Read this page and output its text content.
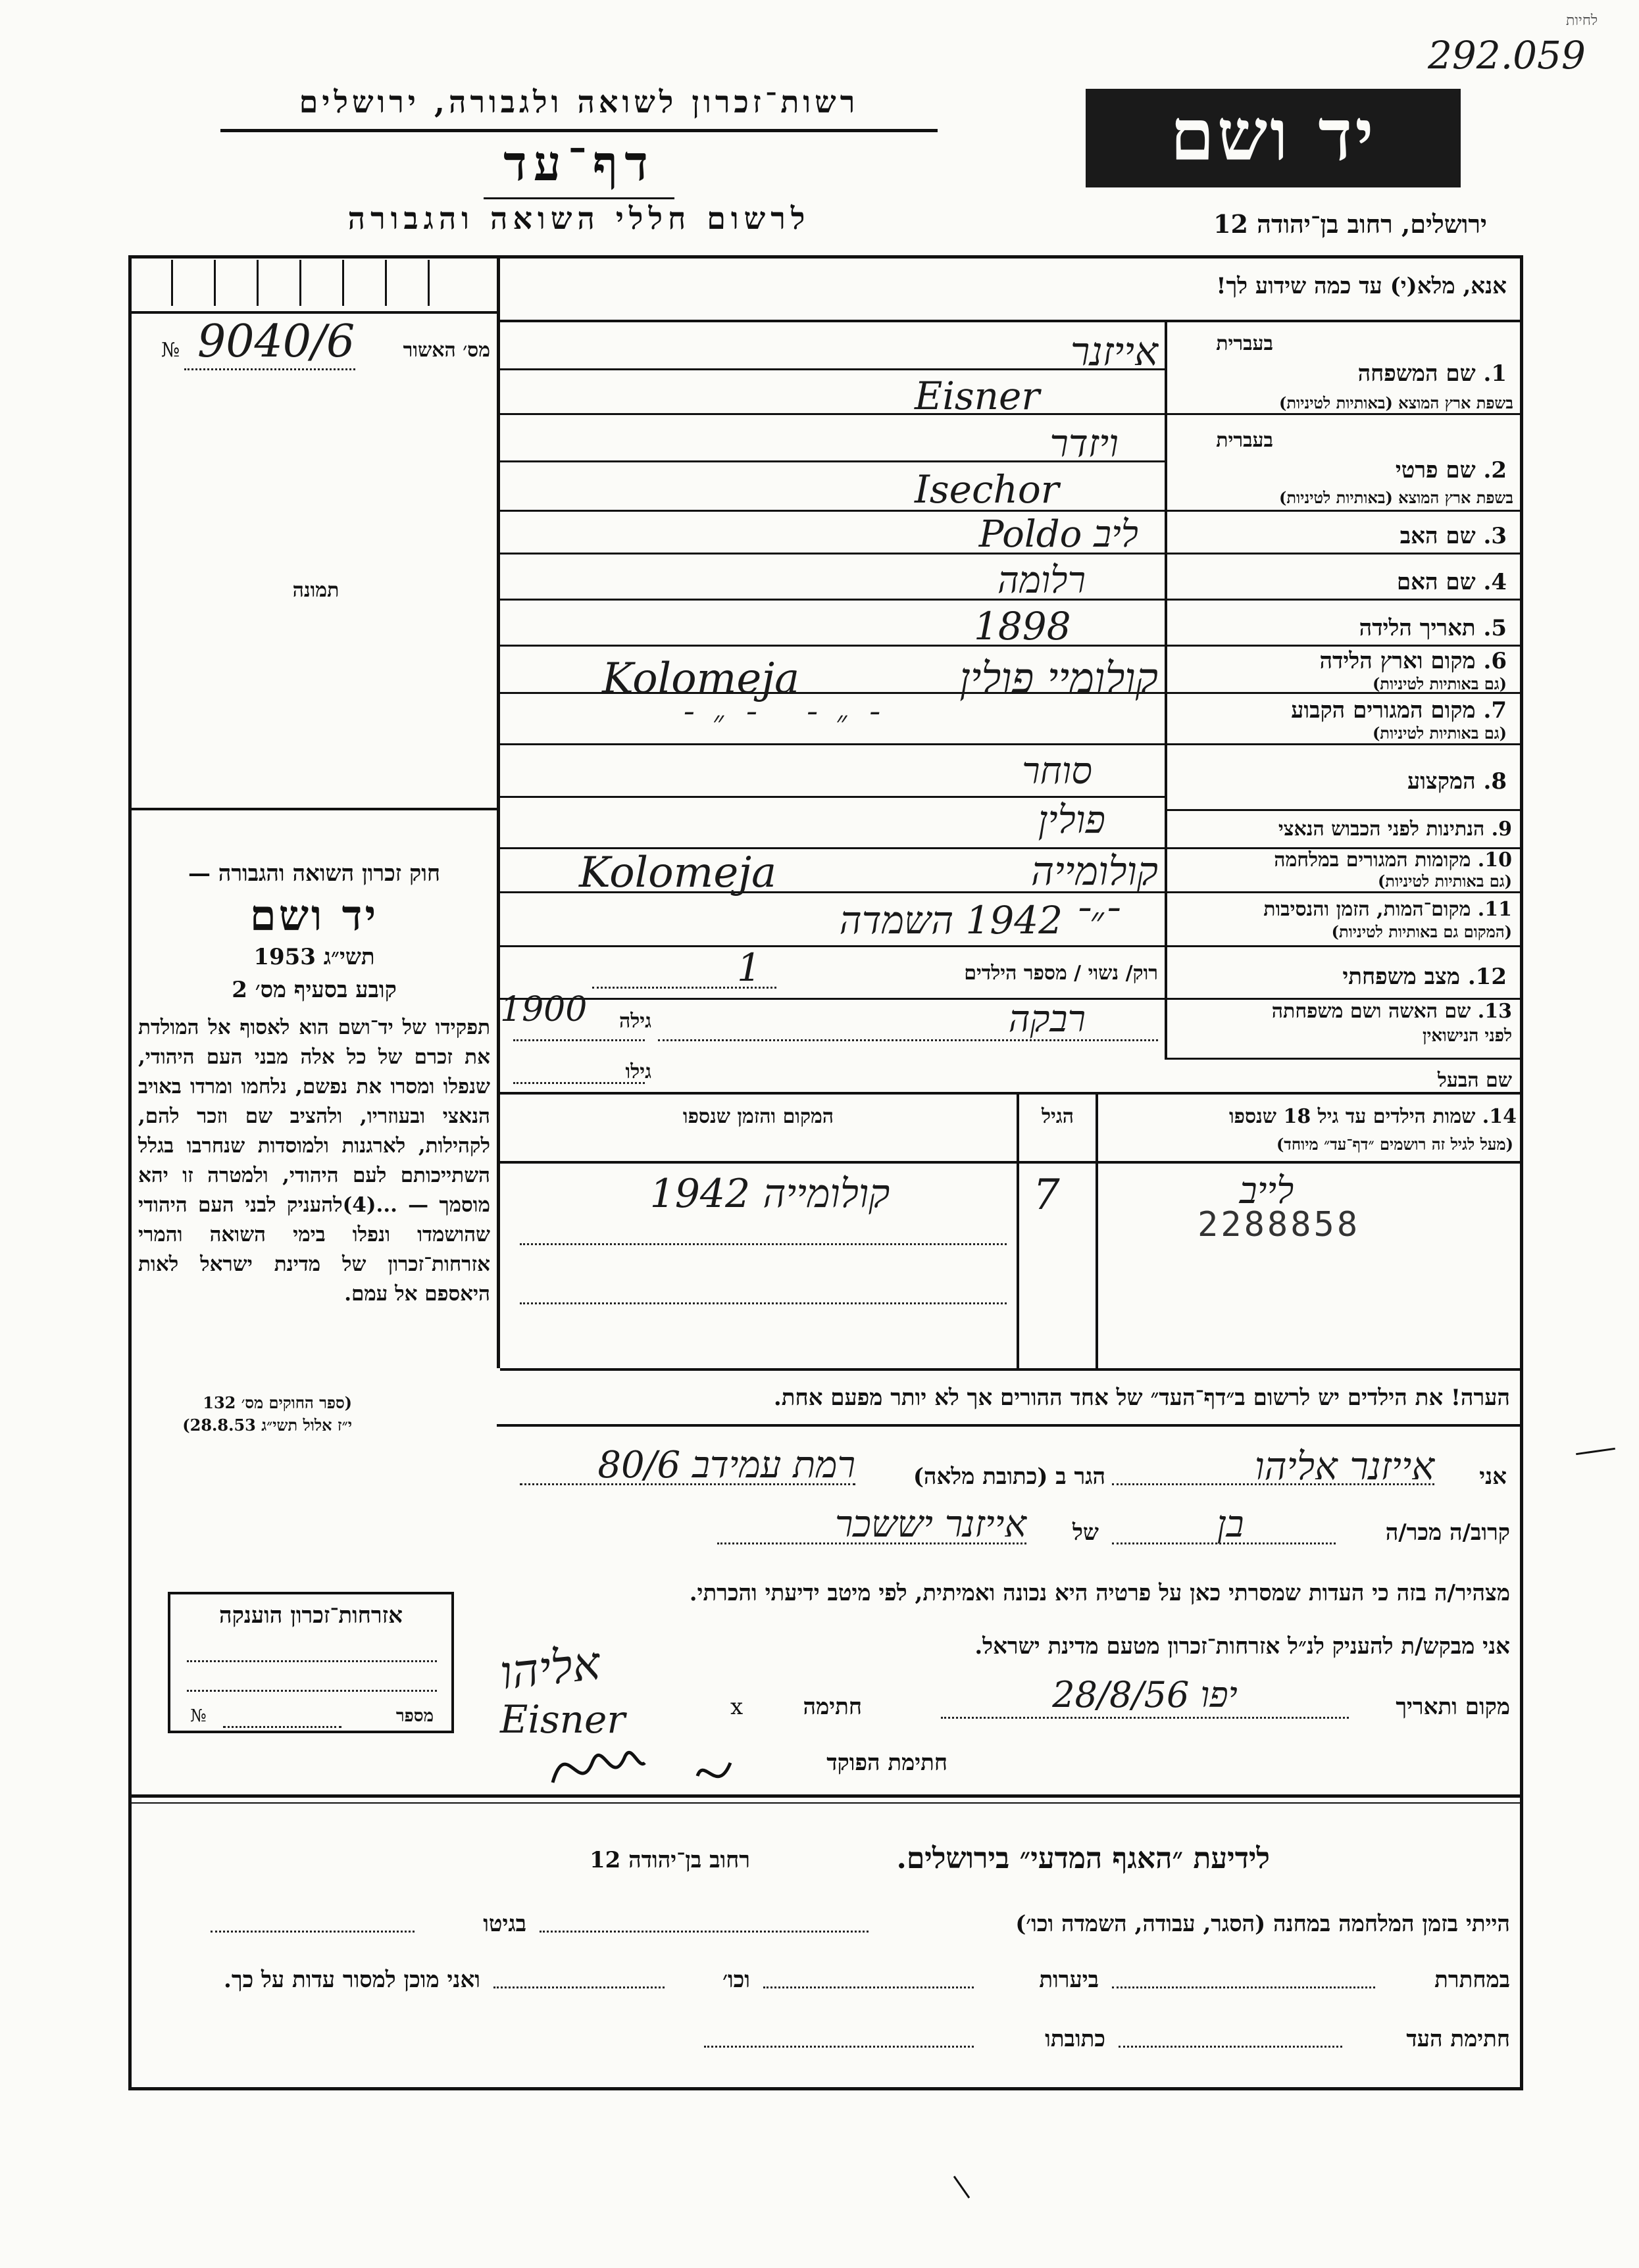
292.059
לחיות
רשות־זכרון לשואה ולגבורה, ירושלים
דף־עד
לרשום חללי השואה והגבורה
יד ושם
ירושלים, רחוב בן־יהודה 12
אנא, מלא(י) עד כמה שידוע לך!
מס׳ האשור
9040/6
№
תמונה
חוק זכרון השואה והגבורה —
יד ושם
תשי״ג 1953
קובע בסעיף מס׳ 2
תפקידו של יד־ושם הוא לאסוף אל המולדת את זכרם של כל אלה מבני העם היהודי, שנפלו ומסרו את נפשם, נלחמו ומרדו באויב הנאצי ובעוזריו, ולהציב שם וזכר להם, לקהילות, לארגנות ולמוסדות שנחרבו בגלל השתייכותם לעם היהודי, ולמטרה זו יהא מוסמך — ...(4)להעניק לבני העם היהודי שהושמדו ונפלו בימי השואה והמרי אזרחות־זכרון של מדינת ישראל לאות היאספם אל עמם.
(ספר החוקים מס׳ 132
י״ז אלול תשי״ג 28.8.53)
בעברית
1. שם המשפחה
בשפת ארץ המוצא (באותיות לטיניות)
בעברית
2. שם פרטי
בשפת ארץ המוצא (באותיות לטיניות)
3. שם האב
4. שם האם
5. תאריך הלידה
6. מקום וארץ הלידה
(גם באותיות לטיניות)
7. מקום המגורים הקבוע
(גם באותיות לטיניות)
8. המקצוע
9. הנתינות לפני הכבוש הנאצי
10. מקומות המגורים במלחמה
(גם באותיות לטיניות)
11. מקום־המות, הזמן והנסיבות
(המקום גם באותיות לטיניות)
12. מצב משפחתי
13. שם האשה ושם משפחתה
לפני הנישואין
שם הבעל
אייזנר
Eisner
ויזדר
Isechor
ליב Poldo
רלומה
1898
Kolomeja	קולומיי פולין
־״־ ־״־
סוחר
פולין
Kolomeja	קולומייה
־״־ 1942 השמדה
רוק/ נשוי / מספר הילדים
1
רבקה
גילה
1900
גילו
14. שמות הילדים עד גיל 18 שנספו
(מעל לגיל זה רושמים ״דף־עד״ מיוחד)
הגיל
המקום והזמן שנספו
לייב
2288858
7
קולומייה 1942
הערה! את הילדים יש לרשום ב״דף־העד״ של אחד ההורים אך לא יותר מפעם אחת.
אני
אייזנר אליהו
הגר ב (כתובת מלאה)
רמת עמידב 80/6
קרוב/ה מכר/ה
בן
של
אייזנר יששכר
מצהיר/ה בזה כי העדות שמסרתי כאן על פרטיה היא נכונה ואמיתית, לפי מיטב ידיעתי והכרתי.
אני מבקש/ת להעניק לנ״ל אזרחות־זכרון מטעם מדינת ישראל.
מקום ותאריך
יפו 28/8/56
חתימה
x
אליהו
Eisner
חתימת הפוקד
אזרחות־זכרון הוענקה
מספר
№
לידיעת ״האגף המדעי״ בירושלים.
רחוב בן־יהודה 12
הייתי בזמן המלחמה במחנה (הסגר, עבודה, השמדה וכו׳)
בגיטו
במחתרת
ביערות
וכו׳
ואני מוכן למסור עדות על כך.
חתימת העד
כתובתו
